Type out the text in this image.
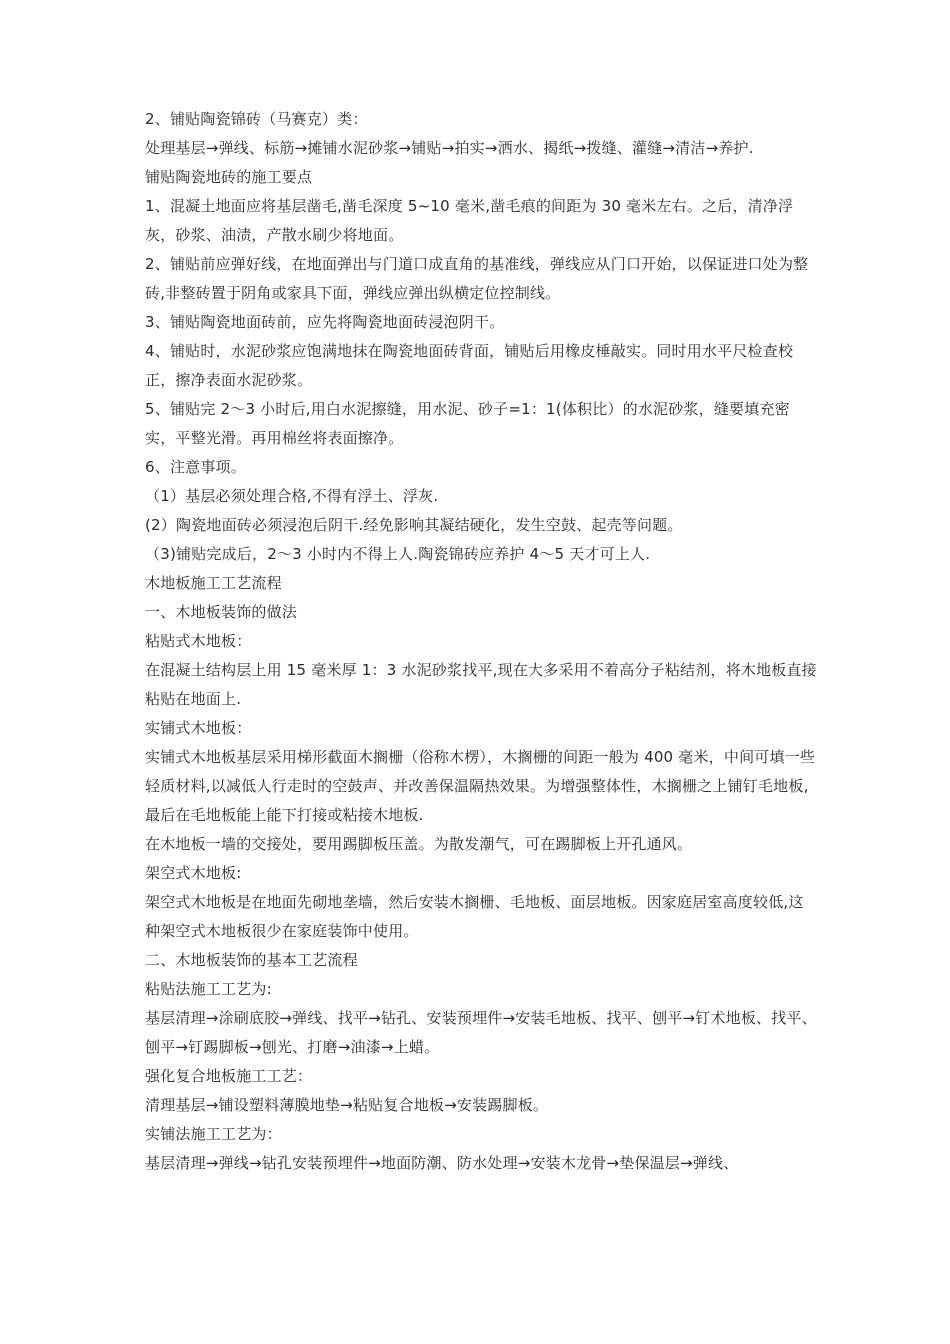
2、铺贴陶瓷锦砖（马赛克）类：

处理基层→弹线、标筋→摊铺水泥砂浆→铺贴→拍实→洒水、揭纸→拨缝、灌缝→清洁→养护.

铺贴陶瓷地砖的施工要点

1、混凝土地面应将基层凿毛,凿毛深度 5~10 毫米,凿毛痕的间距为 30 毫米左右。之后，清净浮灰，砂浆、油渍，产散水刷少将地面。

2、铺贴前应弹好线，在地面弹出与门道口成直角的基准线，弹线应从门口开始，以保证进口处为整砖,非整砖置于阴角或家具下面，弹线应弹出纵横定位控制线。

3、铺贴陶瓷地面砖前，应先将陶瓷地面砖浸泡阴干。

4、铺贴时，水泥砂浆应饱满地抹在陶瓷地面砖背面，铺贴后用橡皮棰敲实。同时用水平尺检查校正，擦净表面水泥砂浆。

5、铺贴完 2～3 小时后,用白水泥擦缝，用水泥、砂子=1：1(体积比）的水泥砂浆，缝要填充密实，平整光滑。再用棉丝将表面擦净。

6、注意事项。

（1）基层必须处理合格,不得有浮土、浮灰.

(2）陶瓷地面砖必须浸泡后阴干.经免影响其凝结硬化，发生空鼓、起壳等问题。

（3)铺贴完成后，2～3 小时内不得上人.陶瓷锦砖应养护 4～5 天才可上人.

木地板施工工艺流程

一、木地板装饰的做法

粘贴式木地板：

在混凝土结构层上用 15 毫米厚 1：3 水泥砂浆找平,现在大多采用不着高分子粘结剂，将木地板直接粘贴在地面上.

实铺式木地板：

实铺式木地板基层采用梯形截面木搁栅（俗称木楞），木搁栅的间距一般为 400 毫米，中间可填一些轻质材料,以减低人行走时的空鼓声、并改善保温隔热效果。为增强整体性，木搁栅之上铺钉毛地板,最后在毛地板能上能下打接或粘接木地板.

在木地板一墙的交接处，要用踢脚板压盖。为散发潮气，可在踢脚板上开孔通风。

架空式木地板:

架空式木地板是在地面先砌地垄墙，然后安装木搁栅、毛地板、面层地板。因家庭居室高度较低,这种架空式木地板很少在家庭装饰中使用。

二、木地板装饰的基本工艺流程

粘贴法施工工艺为:

基层清理→涂刷底胶→弹线、找平→钻孔、安装预埋件→安装毛地板、找平、刨平→钉术地板、找平、刨平→钉踢脚板→刨光、打磨→油漆→上蜡。

强化复合地板施工工艺：

清理基层→铺设塑料薄膜地垫→粘贴复合地板→安装踢脚板。

实铺法施工工艺为：

基层清理→弹线→钻孔安装预埋件→地面防潮、防水处理→安装木龙骨→垫保温层→弹线、
